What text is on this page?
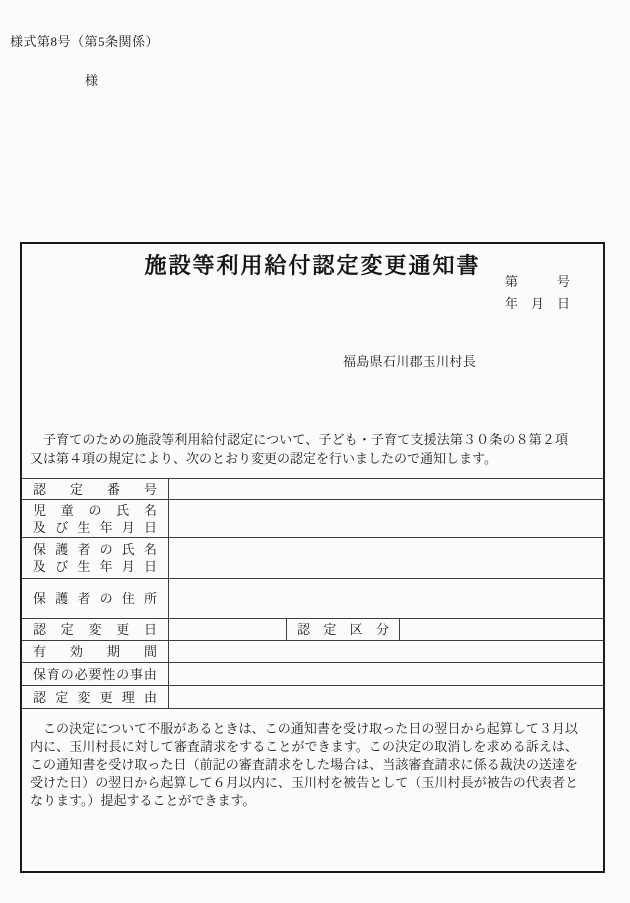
様式第8号（第5条関係）
様
施設等利用給付認定変更通知書
第　　　号
年　月　日
福島県石川郡玉川村長
子育てのための施設等利用給付認定について、子ども・子育て支援法第３０条の８第２項又は第４項の規定により、次のとおり変更の認定を行いましたので通知します。
認 定 番 号
児 童 の 氏 名
及 び 生 年 月 日
保 護 者 の 氏 名
及 び 生 年 月 日
保 護 者 の 住 所
認 定 変 更 日	認 定 区 分
有 効 期 間
保 育 の 必 要 性 の 事 由
認 定 変 更 理 由
この決定について不服があるときは、この通知書を受け取った日の翌日から起算して３月以内に、玉川村長に対して審査請求をすることができます。この決定の取消しを求める訴えは、この通知書を受け取った日（前記の審査請求をした場合は、当該審査請求に係る裁決の送達を受けた日）の翌日から起算して６月以内に、玉川村を被告として（玉川村長が被告の代表者となります。）提起することができます。
